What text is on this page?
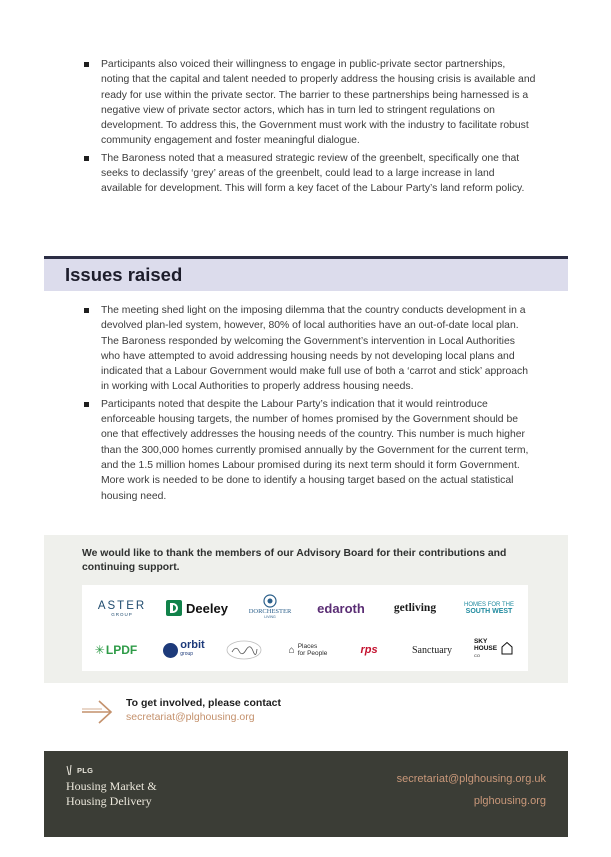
Participants also voiced their willingness to engage in public-private sector partnerships, noting that the capital and talent needed to properly address the housing crisis is available and ready for use within the private sector. The barrier to these partnerships being harnessed is a negative view of private sector actors, which has in turn led to stringent regulations on development. To address this, the Government must work with the industry to facilitate robust community engagement and foster meaningful dialogue.
The Baroness noted that a measured strategic review of the greenbelt, specifically one that seeks to declassify ‘grey’ areas of the greenbelt, could lead to a large increase in land available for development. This will form a key facet of the Labour Party’s land reform policy.
Issues raised
The meeting shed light on the imposing dilemma that the country conducts development in a devolved plan-led system, however, 80% of local authorities have an out-of-date local plan. The Baroness responded by welcoming the Government’s intervention in Local Authorities who have attempted to avoid addressing housing needs by not developing local plans and indicated that a Labour Government would make full use of both a ‘carrot and stick’ approach in working with Local Authorities to properly address housing needs.
Participants noted that despite the Labour Party’s indication that it would reintroduce enforceable housing targets, the number of homes promised by the Government should be one that effectively addresses the housing needs of the country. This number is much higher than the 300,000 homes currently promised annually by the Government for the current term, and the 1.5 million homes Labour promised during its next term should it form Government. More work is needed to be done to identify a housing target based on the actual statistical housing need.

We would like to thank the members of our Advisory Board for their contributions and continuing support.

ASTER
GROUP	Deeley	DORCHESTER
LIVING
edaroth	getliving	HOMES FOR THE
SOUTH WEST
✳ LPDF	orbit
group	⌂ Places
for People	rps	Sanctuary
SKY
HOUSE
CO
To get involved, please contact
secretariat@plghousing.org
PLG
Housing Market &
Housing Delivery
secretariat@plghousing.org.uk
plghousing.org
